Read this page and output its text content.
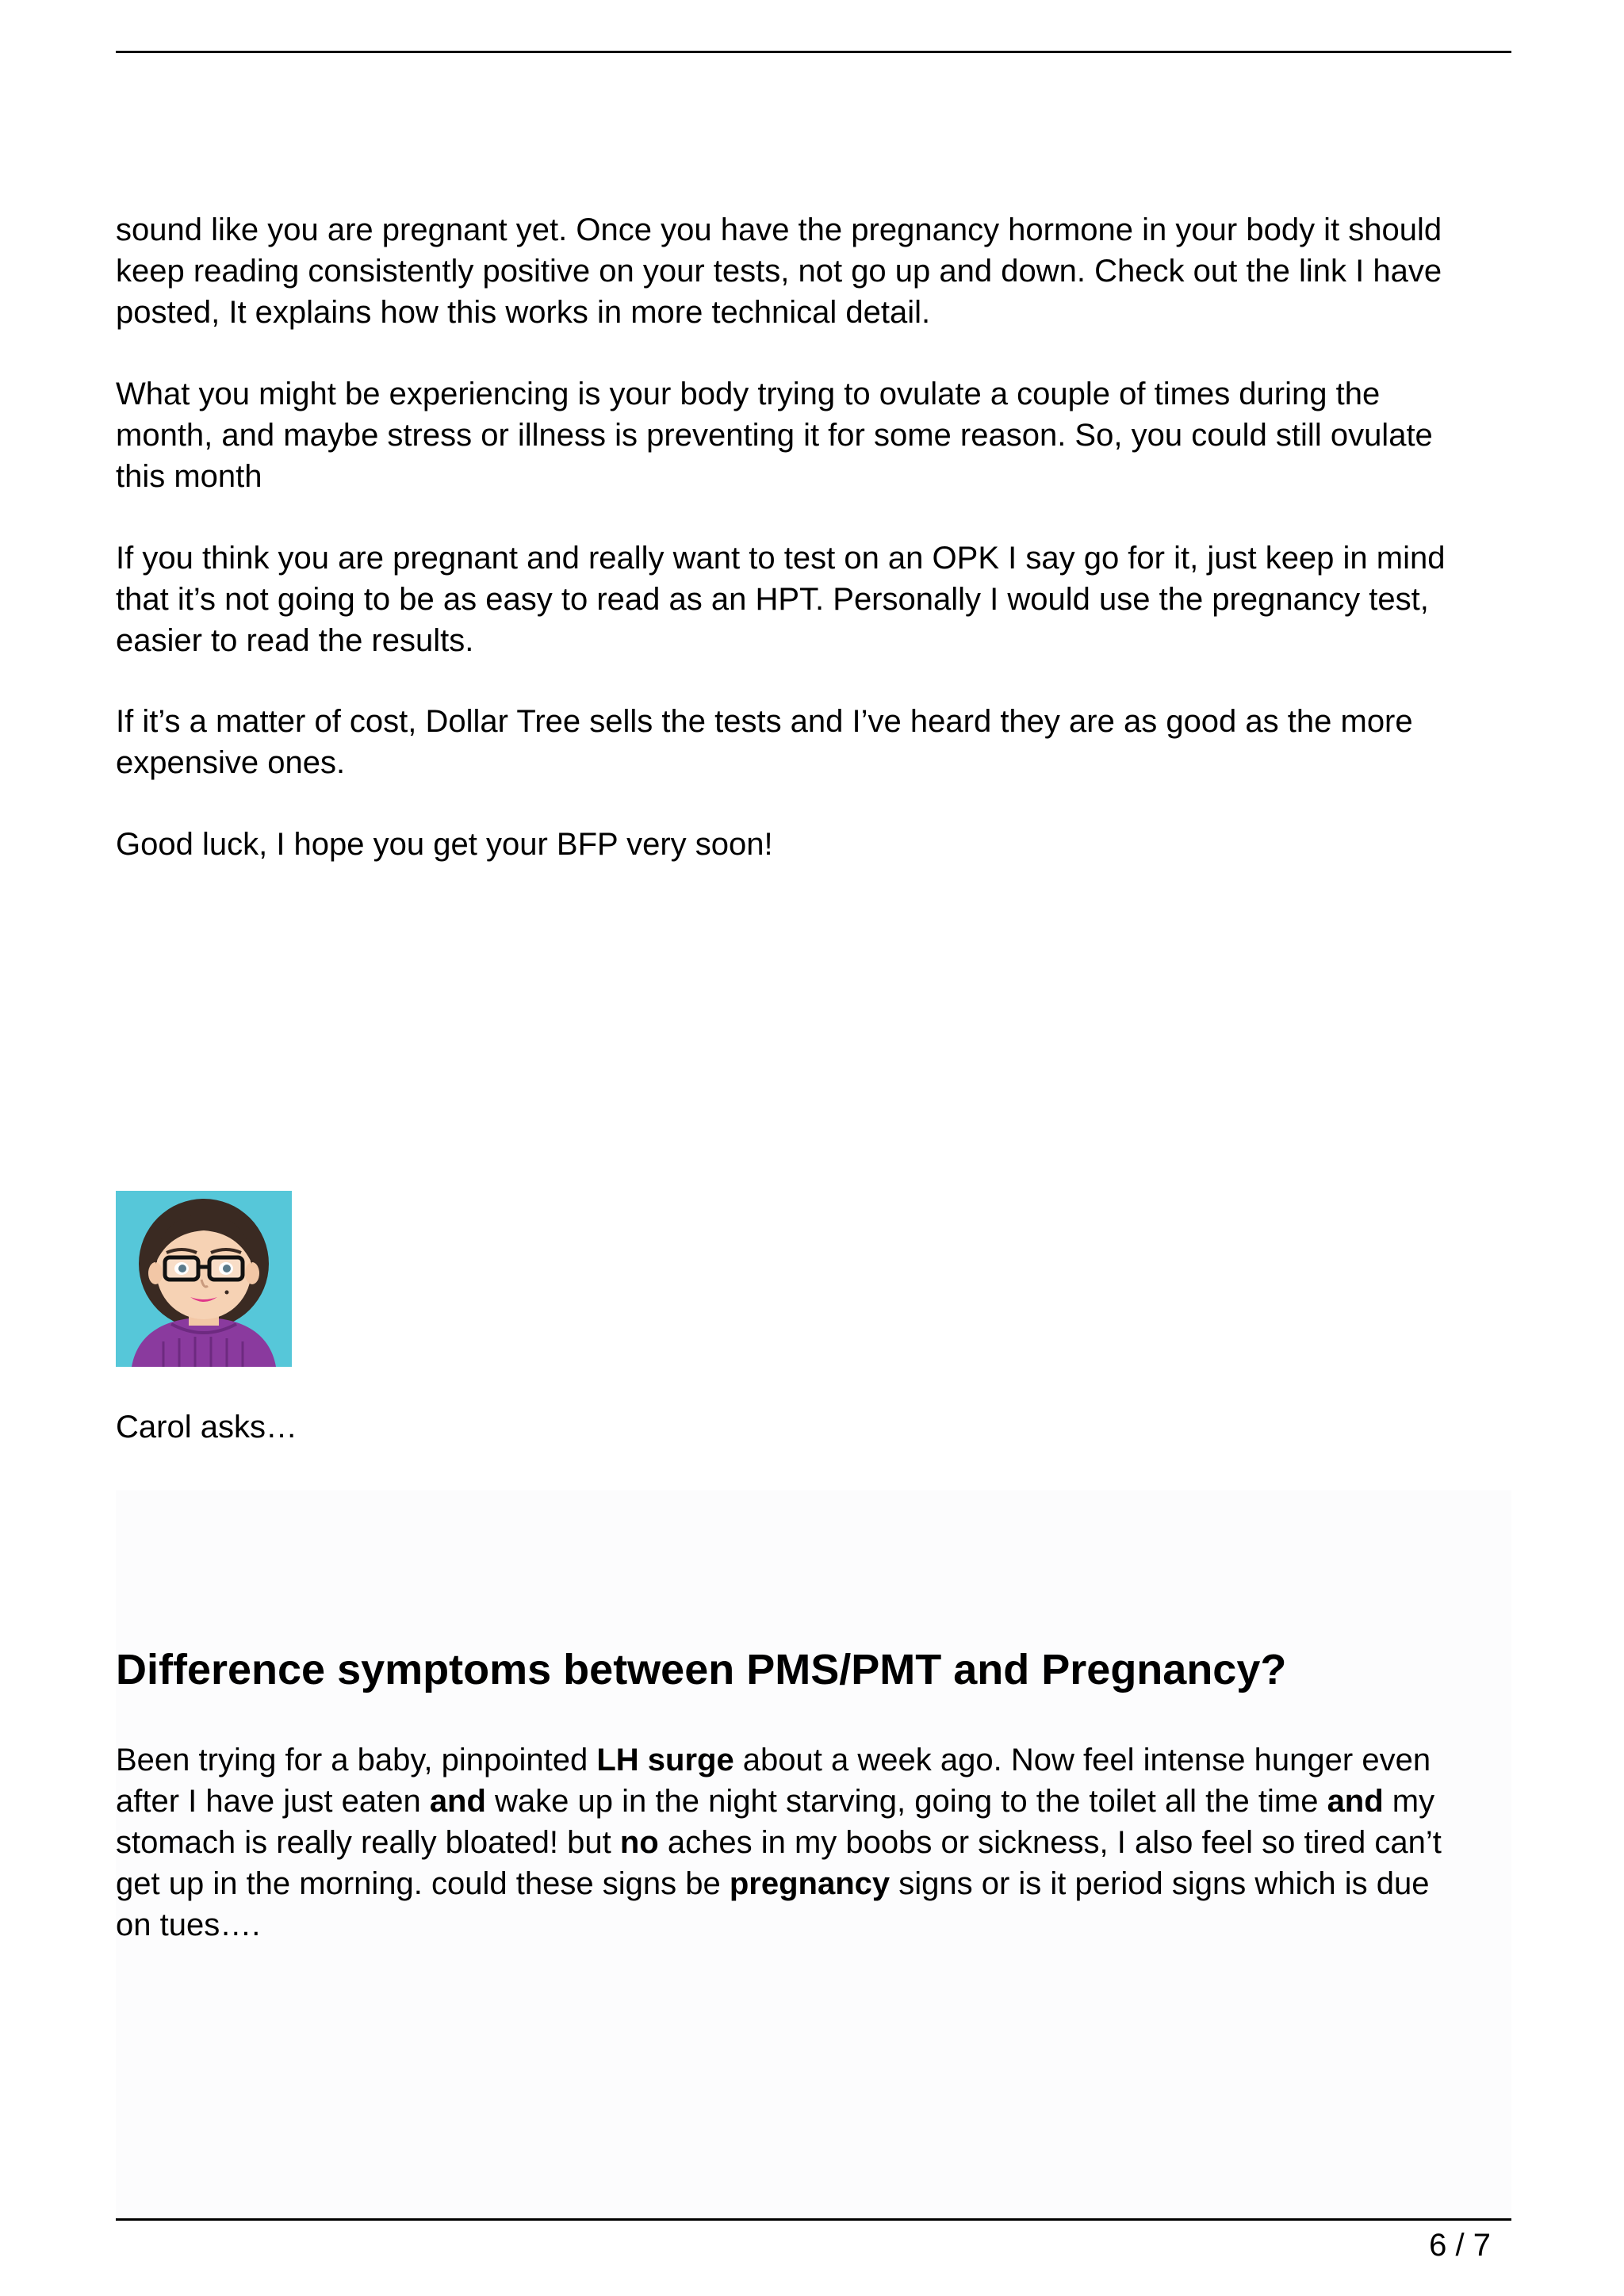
sound like you are pregnant yet. Once you have the pregnancy hormone in your body it should
keep reading consistently positive on your tests, not go up and down. Check out the link I have
posted, It explains how this works in more technical detail.

What you might be experiencing is your body trying to ovulate a couple of times during the
month, and maybe stress or illness is preventing it for some reason. So, you could still ovulate
this month

If you think you are pregnant and really want to test on an OPK I say go for it, just keep in mind
that it’s not going to be as easy to read as an HPT. Personally I would use the pregnancy test,
easier to read the results.

If it’s a matter of cost, Dollar Tree sells the tests and I’ve heard they are as good as the more
expensive ones.

Good luck, I hope you get your BFP very soon!

Carol asks…
Difference symptoms between PMS/PMT and Pregnancy?

Been trying for a baby, pinpointed LH surge about a week ago. Now feel intense hunger even
after I have just eaten and wake up in the night starving, going to the toilet all the time and my
stomach is really really bloated! but no aches in my boobs or sickness, I also feel so tired can’t
get up in the morning. could these signs be pregnancy signs or is it period signs which is due
on tues….

6 / 7
